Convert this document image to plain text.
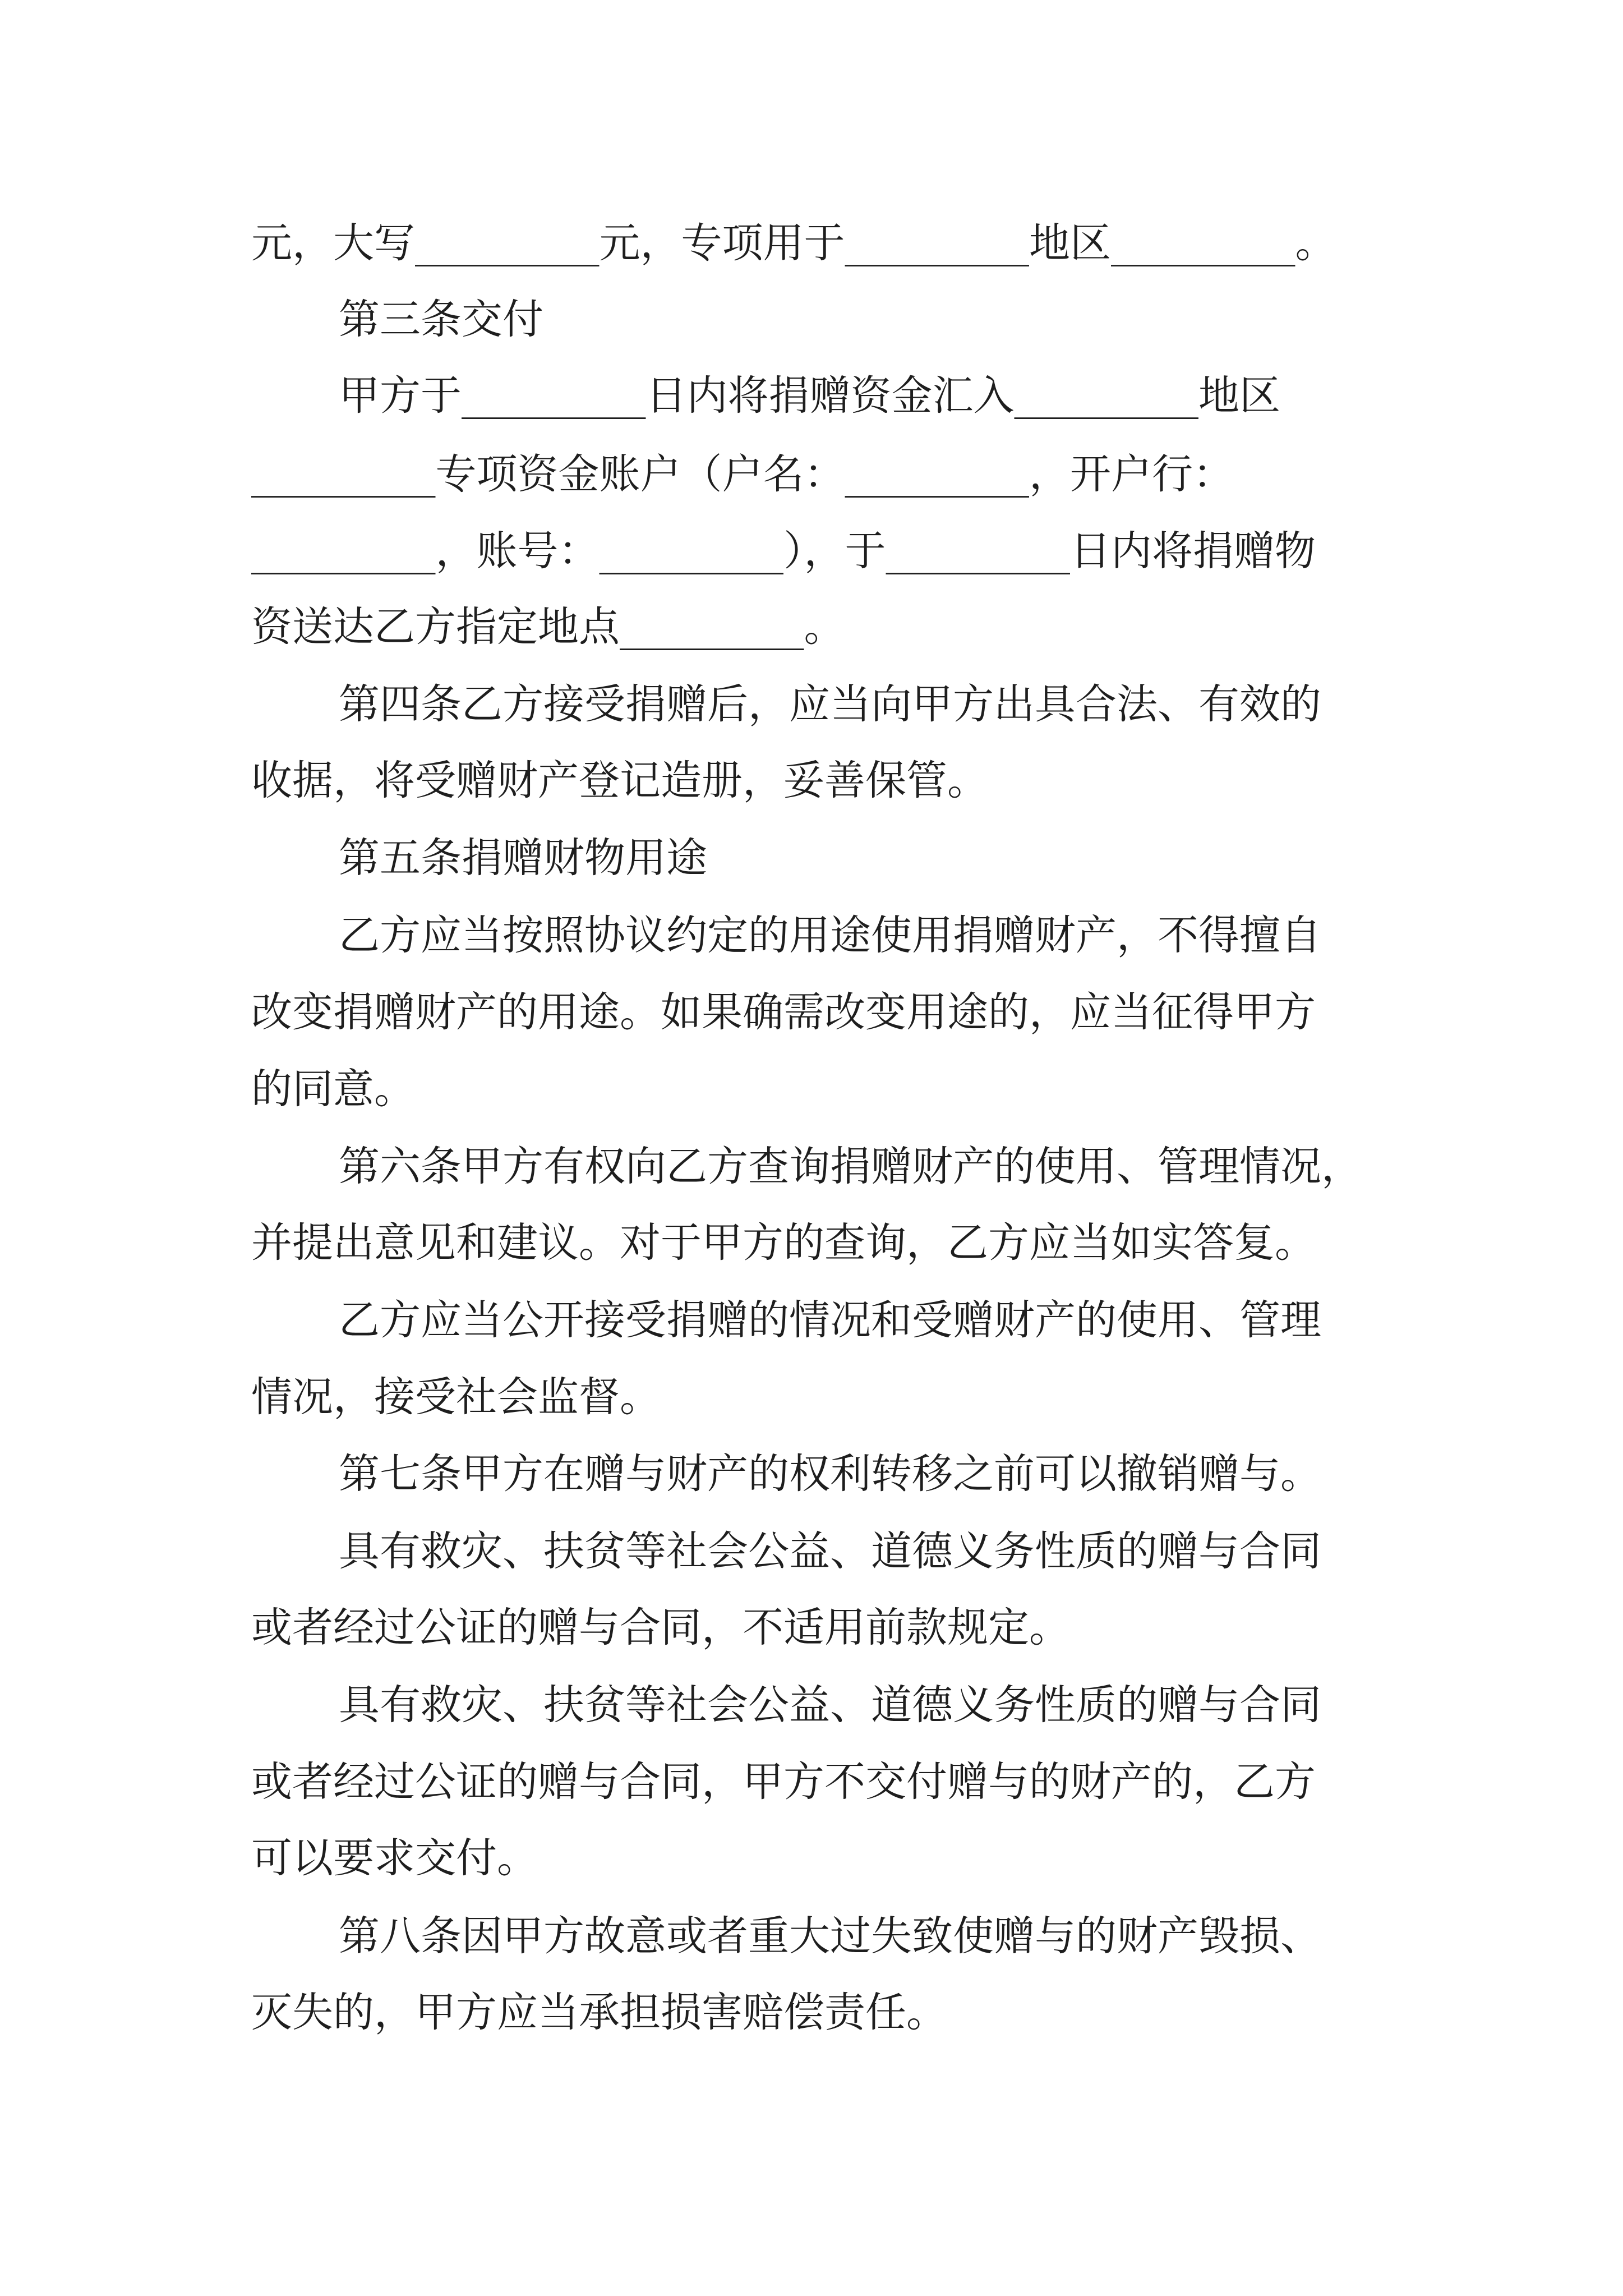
元，大写_________元，专项用于_________地区_________。
第三条交付
甲方于_________日内将捐赠资金汇入_________地区
_________专项资金账户（户名：_________，开户行：
_________，账号：_________），于_________日内将捐赠物
资送达乙方指定地点_________。
第四条乙方接受捐赠后，应当向甲方出具合法、有效的
收据，将受赠财产登记造册，妥善保管。
第五条捐赠财物用途
乙方应当按照协议约定的用途使用捐赠财产，不得擅自
改变捐赠财产的用途。如果确需改变用途的，应当征得甲方
的同意。
第六条甲方有权向乙方查询捐赠财产的使用、管理情况，
并提出意见和建议。对于甲方的查询，乙方应当如实答复。
乙方应当公开接受捐赠的情况和受赠财产的使用、管理
情况，接受社会监督。
第七条甲方在赠与财产的权利转移之前可以撤销赠与。
具有救灾、扶贫等社会公益、道德义务性质的赠与合同
或者经过公证的赠与合同，不适用前款规定。
具有救灾、扶贫等社会公益、道德义务性质的赠与合同
或者经过公证的赠与合同，甲方不交付赠与的财产的，乙方
可以要求交付。
第八条因甲方故意或者重大过失致使赠与的财产毁损、
灭失的，甲方应当承担损害赔偿责任。
